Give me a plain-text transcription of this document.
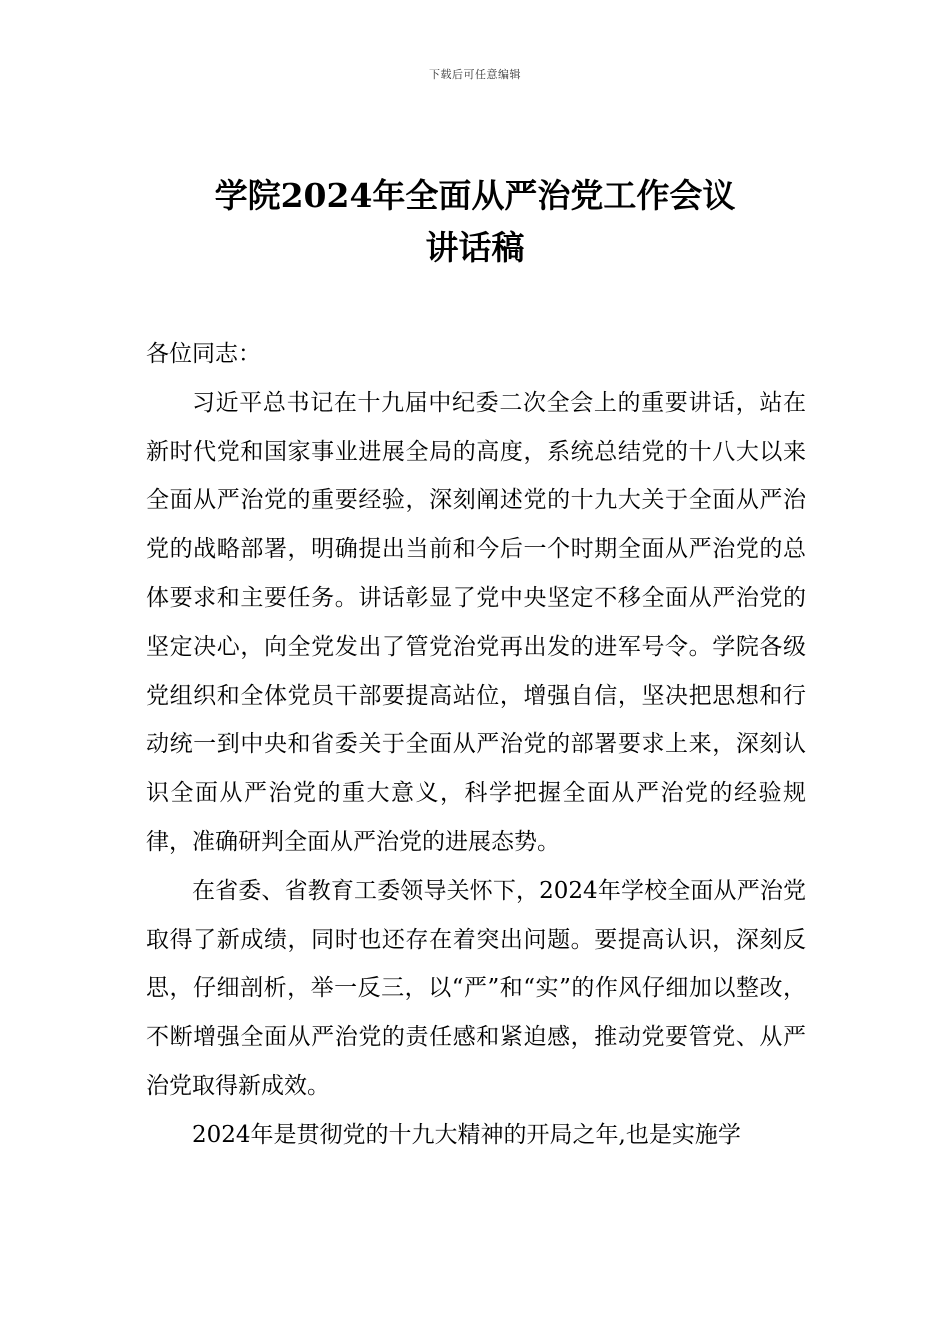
下载后可任意编辑
学院2024年全面从严治党工作会议
讲话稿

各位同志：

习近平总书记在十九届中纪委二次全会上的重要讲话，站在新时代党和国家事业进展全局的高度，系统总结党的十八大以来全面从严治党的重要经验，深刻阐述党的十九大关于全面从严治党的战略部署，明确提出当前和今后一个时期全面从严治党的总体要求和主要任务。讲话彰显了党中央坚定不移全面从严治党的坚定决心，向全党发出了管党治党再出发的进军号令。学院各级党组织和全体党员干部要提高站位，增强自信，坚决把思想和行动统一到中央和省委关于全面从严治党的部署要求上来，深刻认识全面从严治党的重大意义，科学把握全面从严治党的经验规律，准确研判全面从严治党的进展态势。

在省委、省教育工委领导关怀下，2024年学校全面从严治党取得了新成绩，同时也还存在着突出问题。要提高认识，深刻反思，仔细剖析，举一反三，以“严”和“实”的作风仔细加以整改，不断增强全面从严治党的责任感和紧迫感，推动党要管党、从严治党取得新成效。

2024年是贯彻党的十九大精神的开局之年,也是实施学
